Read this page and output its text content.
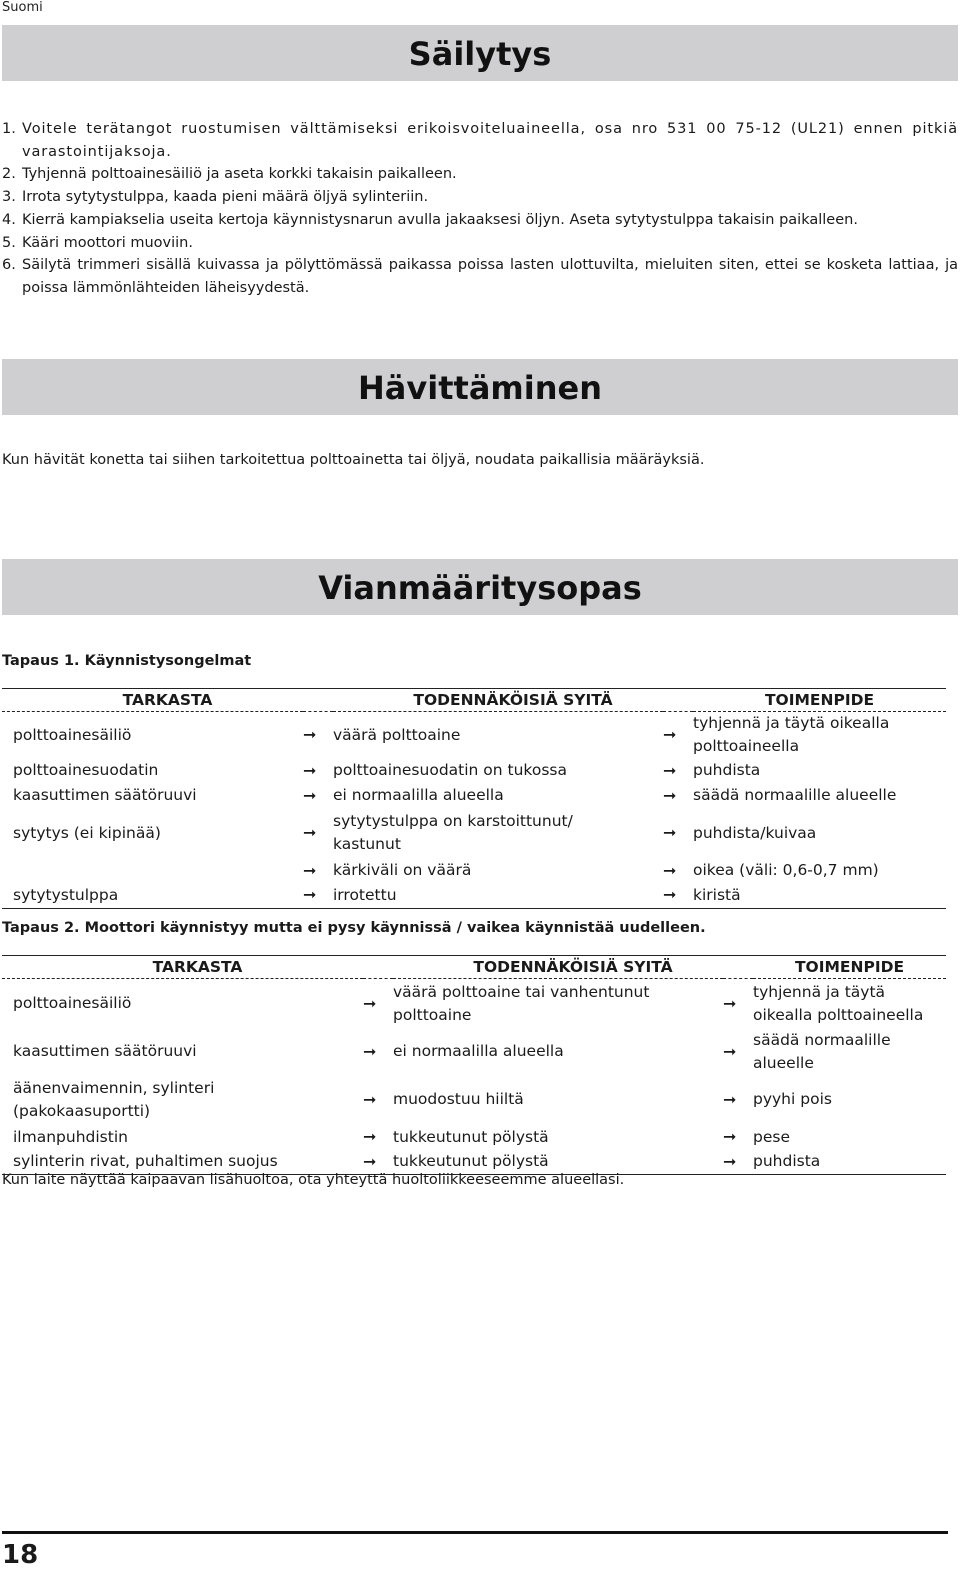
Suomi
Säilytys
1. Voitele terätangot ruostumisen välttämiseksi erikoisvoiteluaineella, osa nro 531 00 75-12 (UL21) ennen pitkiä varastointijaksoja.
2. Tyhjennä polttoainesäiliö ja aseta korkki takaisin paikalleen.
3. Irrota sytytystulppa, kaada pieni määrä öljyä sylinteriin.
4. Kierrä kampiakselia useita kertoja käynnistysnarun avulla jakaaksesi öljyn. Aseta sytytystulppa takaisin paikalleen.
5. Kääri moottori muoviin.
6. Säilytä trimmeri sisällä kuivassa ja pölyttömässä paikassa poissa lasten ulottuvilta, mieluiten siten, ettei se kosketa lattiaa, ja poissa lämmönlähteiden läheisyydestä.
Hävittäminen
Kun hävität konetta tai siihen tarkoitettua polttoainetta tai öljyä, noudata paikallisia määräyksiä.
Vianmääritysopas
Tapaus 1. Käynnistysongelmat
TARKASTA		TODENNÄKÖISIÄ SYITÄ		TOIMENPIDE
polttoainesäiliö	➞	väärä polttoaine	➞	tyhjennä ja täytä oikealla polttoaineella
polttoainesuodatin	➞	polttoainesuodatin on tukossa	➞	puhdista
kaasuttimen säätöruuvi	➞	ei normaalilla alueella	➞	säädä normaalille alueelle
sytytys (ei kipinää)	➞	sytytystulppa on karstoittunut/ kastunut	➞	puhdista/kuivaa
	➞	kärkiväli on väärä	➞	oikea (väli: 0,6-0,7 mm)
sytytystulppa	➞	irrotettu	➞	kiristä
Tapaus 2. Moottori käynnistyy mutta ei pysy käynnissä / vaikea käynnistää uudelleen.
TARKASTA		TODENNÄKÖISIÄ SYITÄ		TOIMENPIDE
polttoainesäiliö	➞	väärä polttoaine tai vanhentunut polttoaine	➞	tyhjennä ja täytä oikealla polttoaineella
kaasuttimen säätöruuvi	➞	ei normaalilla alueella	➞	säädä normaalille alueelle
äänenvaimennin, sylinteri (pakokaasuportti)	➞	muodostuu hiiltä	➞	pyyhi pois
ilmanpuhdistin	➞	tukkeutunut pölystä	➞	pese
sylinterin rivat, puhaltimen suojus	➞	tukkeutunut pölystä	➞	puhdista
Kun laite näyttää kaipaavan lisähuoltoa, ota yhteyttä huoltoliikkeeseemme alueellasi.
18
